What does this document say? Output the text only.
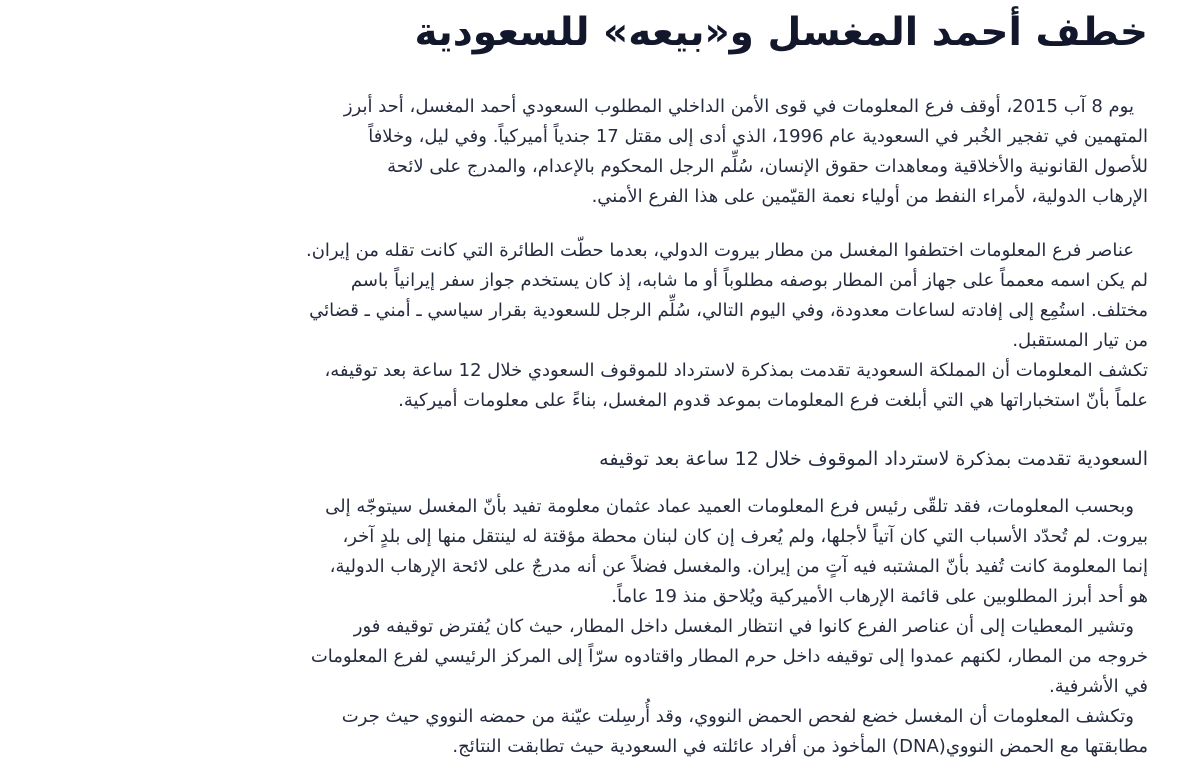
خطف أحمد المغسل و«بيعه» للسعودية
يوم 8 آب 2015، أوقف فرع المعلومات في قوى الأمن الداخلي المطلوب السعودي أحمد المغسل، أحد أبرز
المتهمين في تفجير الخُبر في السعودية عام 1996، الذي أدى إلى مقتل 17 جندياً أميركياً. وفي ليل، وخلافاً
للأصول القانونية والأخلاقية ومعاهدات حقوق الإنسان، سُلِّم الرجل المحكوم بالإعدام، والمدرج على لائحة
الإرهاب الدولية، لأمراء النفط من أولياء نعمة القيّمين على هذا الفرع الأمني.
عناصر فرع المعلومات اختطفوا المغسل من مطار بيروت الدولي، بعدما حطّت الطائرة التي كانت تقله من إيران.
لم يكن اسمه معمماً على جهاز أمن المطار بوصفه مطلوباً أو ما شابه، إذ كان يستخدم جواز سفر إيرانياً باسم
مختلف. استُمِع إلى إفادته لساعات معدودة، وفي اليوم التالي، سُلِّم الرجل للسعودية بقرار سياسي ـ أمني ـ قضائي
من تيار المستقبل.
تكشف المعلومات أن المملكة السعودية تقدمت بمذكرة لاسترداد للموقوف السعودي خلال 12 ساعة بعد توقيفه،
علماً بأنّ استخباراتها هي التي أبلغت فرع المعلومات بموعد قدوم المغسل، بناءً على معلومات أميركية.
السعودية تقدمت بمذكرة لاسترداد الموقوف خلال 12 ساعة بعد توقيفه
وبحسب المعلومات، فقد تلقّى رئيس فرع المعلومات العميد عماد عثمان معلومة تفيد بأنّ المغسل سيتوجّه إلى
بيروت. لم تُحدّد الأسباب التي كان آتياً لأجلها، ولم يُعرف إن كان لبنان محطة مؤقتة له لينتقل منها إلى بلدٍ آخر،
إنما المعلومة كانت تُفيد بأنّ المشتبه فيه آتٍ من إيران. والمغسل فضلاً عن أنه مدرجٌ على لائحة الإرهاب الدولية،
هو أحد أبرز المطلوبين على قائمة الإرهاب الأميركية ويُلاحق منذ 19 عاماً.
وتشير المعطيات إلى أن عناصر الفرع كانوا في انتظار المغسل داخل المطار، حيث كان يُفترض توقيفه فور
خروجه من المطار، لكنهم عمدوا إلى توقيفه داخل حرم المطار واقتادوه سرّاً إلى المركز الرئيسي لفرع المعلومات
في الأشرفية.
وتكشف المعلومات أن المغسل خضع لفحص الحمض النووي، وقد أُرسِلت عيّنة من حمضه النووي حيث جرت
مطابقتها مع الحمض النووي(DNA) المأخوذ من أفراد عائلته في السعودية حيث تطابقت النتائج.
